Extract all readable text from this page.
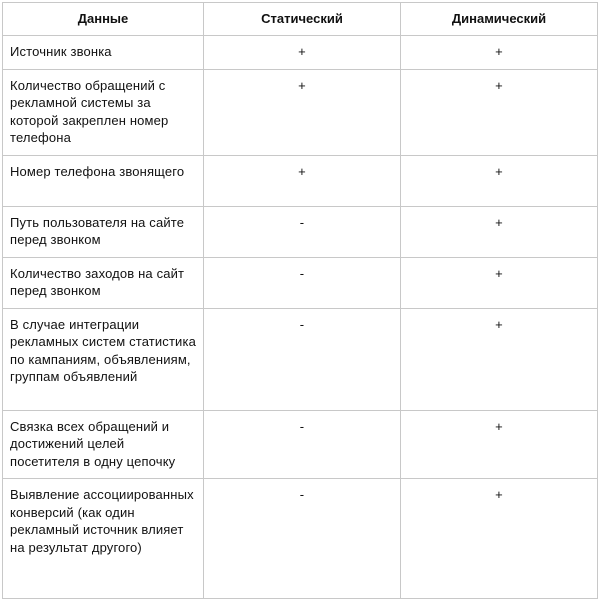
Данные	Статический	Динамический
Источник звонка	+	+
Количество обращений с рекламной системы за которой закреплен номер телефона	+	+
Номер телефона звонящего	+	+
Путь пользователя на сайте перед звонком	-	+
Количество заходов на сайт перед звонком	-	+
В случае интеграции рекламных систем статистика по кампаниям, объявлениям, группам объявлений	-	+
Связка всех обращений и достижений целей посетителя в одну цепочку	-	+
Выявление ассоциированных конверсий (как один рекламный источник влияет на результат другого)	-	+
